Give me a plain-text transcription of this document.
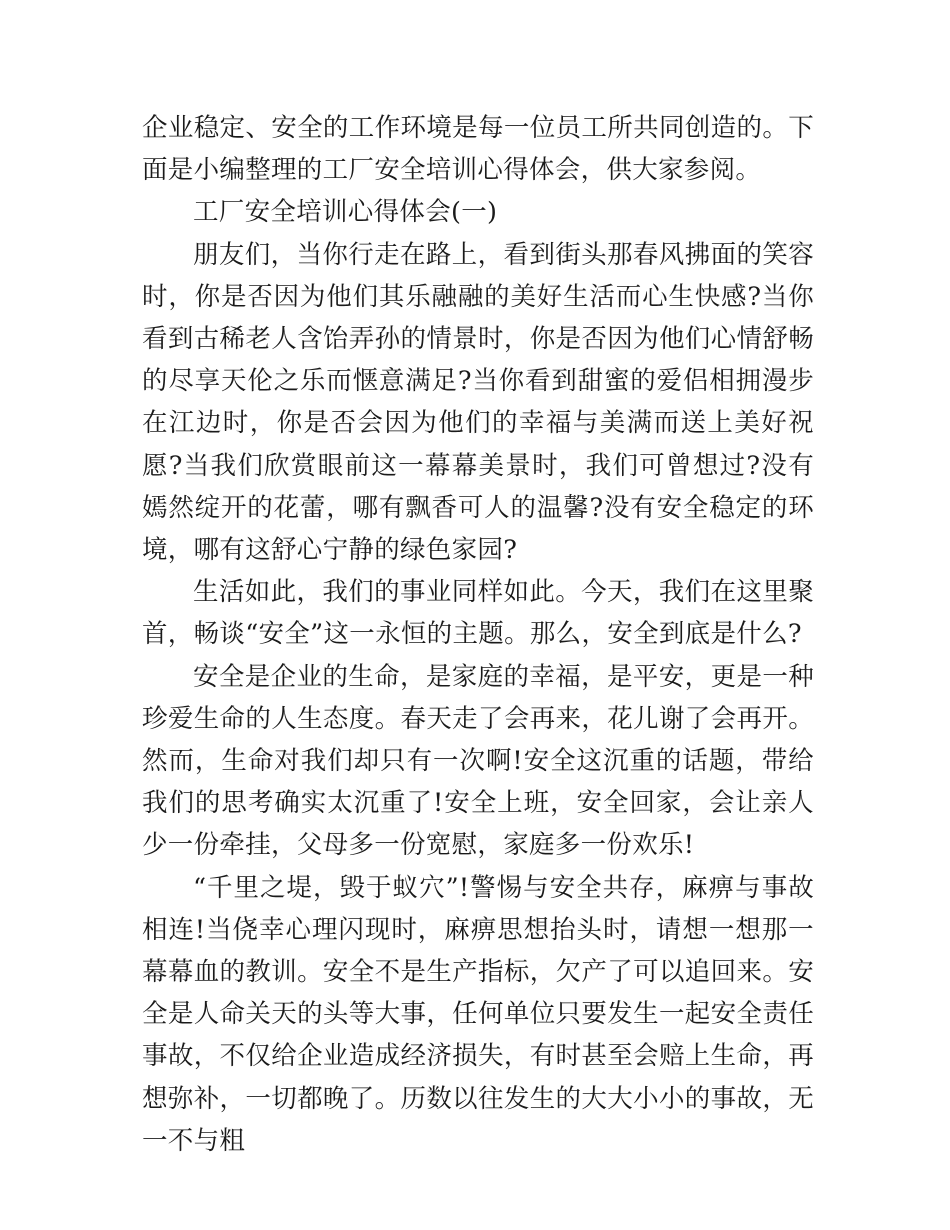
企业稳定、安全的工作环境是每一位员工所共同创造的。下面是小编整理的工厂安全培训心得体会，供大家参阅。

工厂安全培训心得体会(一)

朋友们，当你行走在路上，看到街头那春风拂面的笑容时，你是否因为他们其乐融融的美好生活而心生快感?当你看到古稀老人含饴弄孙的情景时，你是否因为他们心情舒畅的尽享天伦之乐而惬意满足?当你看到甜蜜的爱侣相拥漫步在江边时，你是否会因为他们的幸福与美满而送上美好祝愿?当我们欣赏眼前这一幕幕美景时，我们可曾想过?没有嫣然绽开的花蕾，哪有飘香可人的温馨?没有安全稳定的环境，哪有这舒心宁静的绿色家园?

生活如此，我们的事业同样如此。今天，我们在这里聚首，畅谈“安全”这一永恒的主题。那么，安全到底是什么?

安全是企业的生命，是家庭的幸福，是平安，更是一种珍爱生命的人生态度。春天走了会再来，花儿谢了会再开。然而，生命对我们却只有一次啊!安全这沉重的话题，带给我们的思考确实太沉重了!安全上班，安全回家，会让亲人少一份牵挂，父母多一份宽慰，家庭多一份欢乐!

“千里之堤，毁于蚁穴”!警惕与安全共存，麻痹与事故相连!当侥幸心理闪现时，麻痹思想抬头时，请想一想那一幕幕血的教训。安全不是生产指标，欠产了可以追回来。安全是人命关天的头等大事，任何单位只要发生一起安全责任事故，不仅给企业造成经济损失，有时甚至会赔上生命，再想弥补，一切都晚了。历数以往发生的大大小小的事故，无一不与粗
